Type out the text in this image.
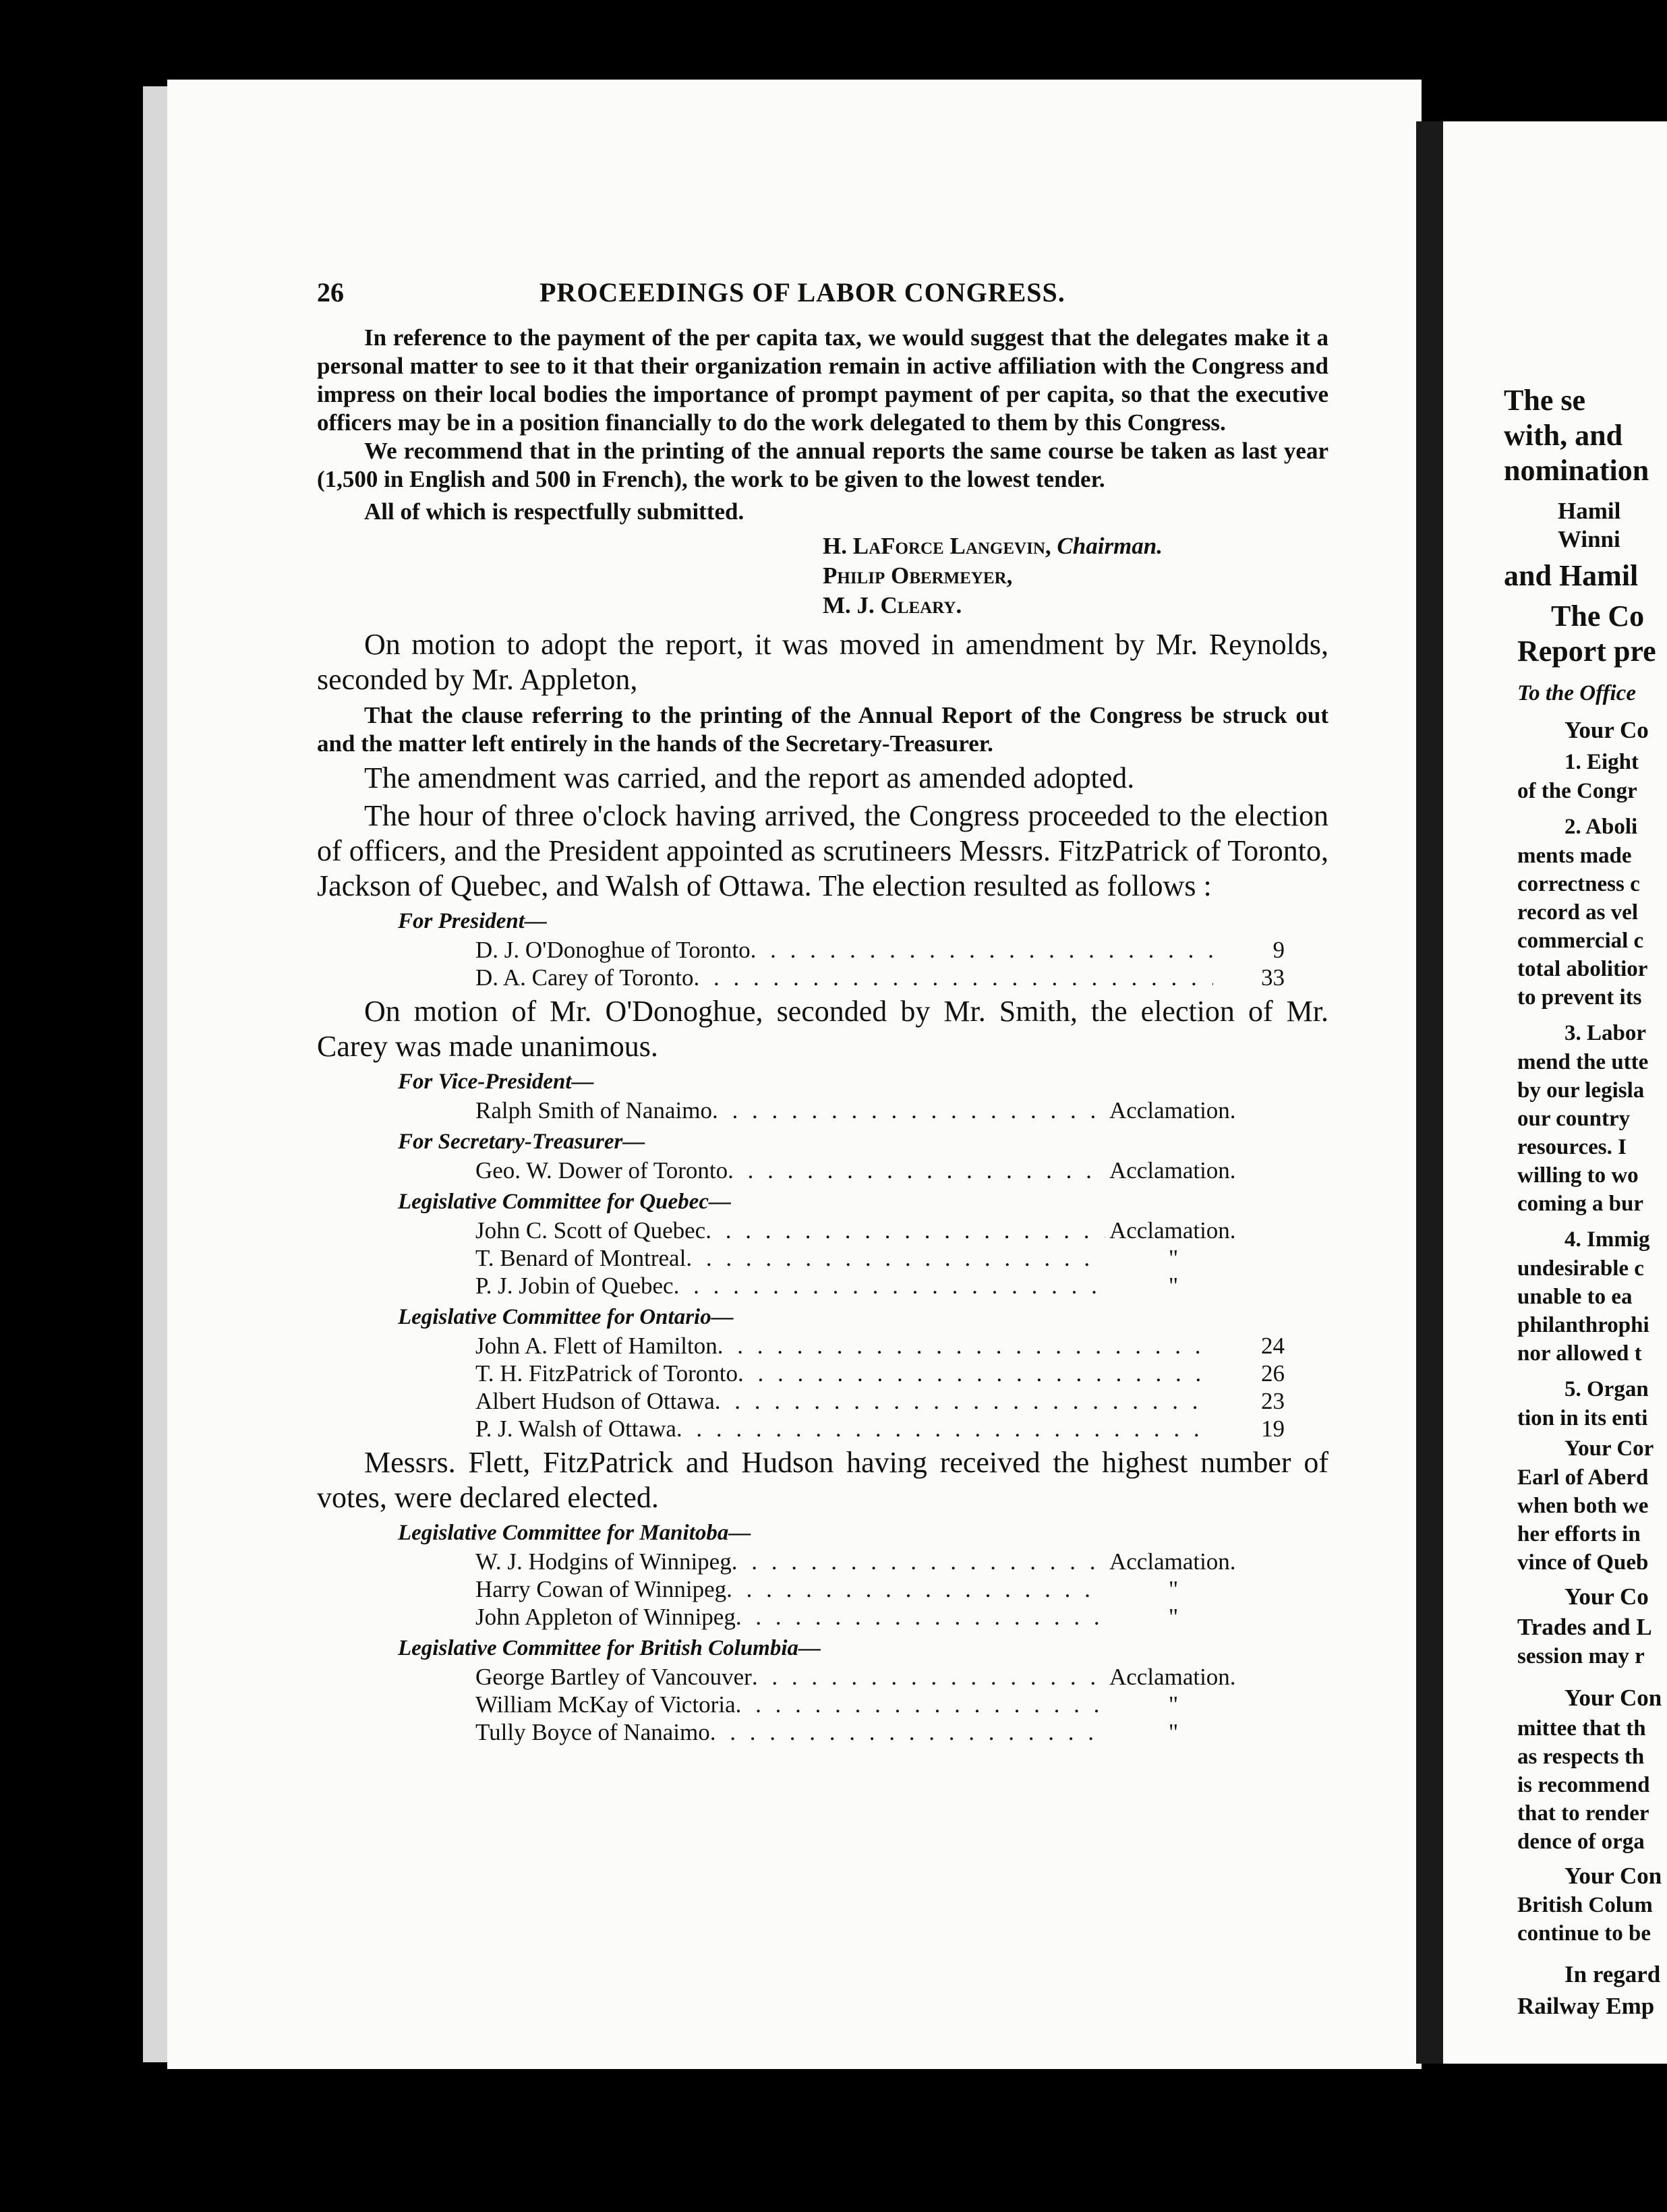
26	PROCEEDINGS OF LABOR CONGRESS.

In reference to the payment of the per capita tax, we would suggest that the delegates make it a personal matter to see to it that their organization remain in active affiliation with the Congress and impress on their local bodies the importance of prompt payment of per capita, so that the executive officers may be in a position financially to do the work delegated to them by this Congress.

We recommend that in the printing of the annual reports the same course be taken as last year (1,500 in English and 500 in French), the work to be given to the lowest tender.

All of which is respectfully submitted.

H. LaForce Langevin, Chairman.
Philip Obermeyer,
M. J. Cleary.

On motion to adopt the report, it was moved in amendment by Mr. Reynolds, seconded by Mr. Appleton,

That the clause referring to the printing of the Annual Report of the Congress be struck out and the matter left entirely in the hands of the Secretary-Treasurer.

The amendment was carried, and the report as amended adopted.

The hour of three o'clock having arrived, the Congress proceeded to the election of officers, and the President appointed as scrutineers Messrs. FitzPatrick of Toronto, Jackson of Quebec, and Walsh of Ottawa. The election resulted as follows :

For President—
D. J. O'Donoghue of Toronto . . .	9
D. A. Carey of Toronto . . .	33

On motion of Mr. O'Donoghue, seconded by Mr. Smith, the election of Mr. Carey was made unanimous.

For Vice-President—
Ralph Smith of Nanaimo . . .	Acclamation.
For Secretary-Treasurer—
Geo. W. Dower of Toronto . . .	Acclamation.
Legislative Committee for Quebec—
John C. Scott of Quebec . . .	Acclamation.
T. Benard of Montreal . . .	"
P. J. Jobin of Quebec . . .	"
Legislative Committee for Ontario—
John A. Flett of Hamilton . . .	24
T. H. FitzPatrick of Toronto . . .	26
Albert Hudson of Ottawa . . .	23
P. J. Walsh of Ottawa . . .	19

Messrs. Flett, FitzPatrick and Hudson having received the highest number of votes, were declared elected.

Legislative Committee for Manitoba—
W. J. Hodgins of Winnipeg . . .	Acclamation.
Harry Cowan of Winnipeg . . .	"
John Appleton of Winnipeg . . .	"
Legislative Committee for British Columbia—
George Bartley of Vancouver . . .	Acclamation.
William McKay of Victoria . . .	"
Tully Boyce of Nanaimo . . .	"
The se
with, and
nomination
Hamil
Winni
and Hamil
The Co
Report pre
To the Office
Your Co
1. Eight
of the Congr
2. Aboli
ments made
correctness c
record as vel
commercial c
total abolitior
to prevent its
3. Labor
mend the utte
by our legisla
our country
resources. I
willing to wo
coming a bur
4. Immig
undesirable c
unable to ea
philanthrophi
nor allowed t
5. Organ
tion in its enti
Your Cor
Earl of Aberd
when both we
her efforts in
vince of Queb
Your Co
Trades and L
session may r
Your Con
mittee that th
as respects th
is recommend
that to render
dence of orga
Your Con
British Colum
continue to be
In regard
Railway Emp
